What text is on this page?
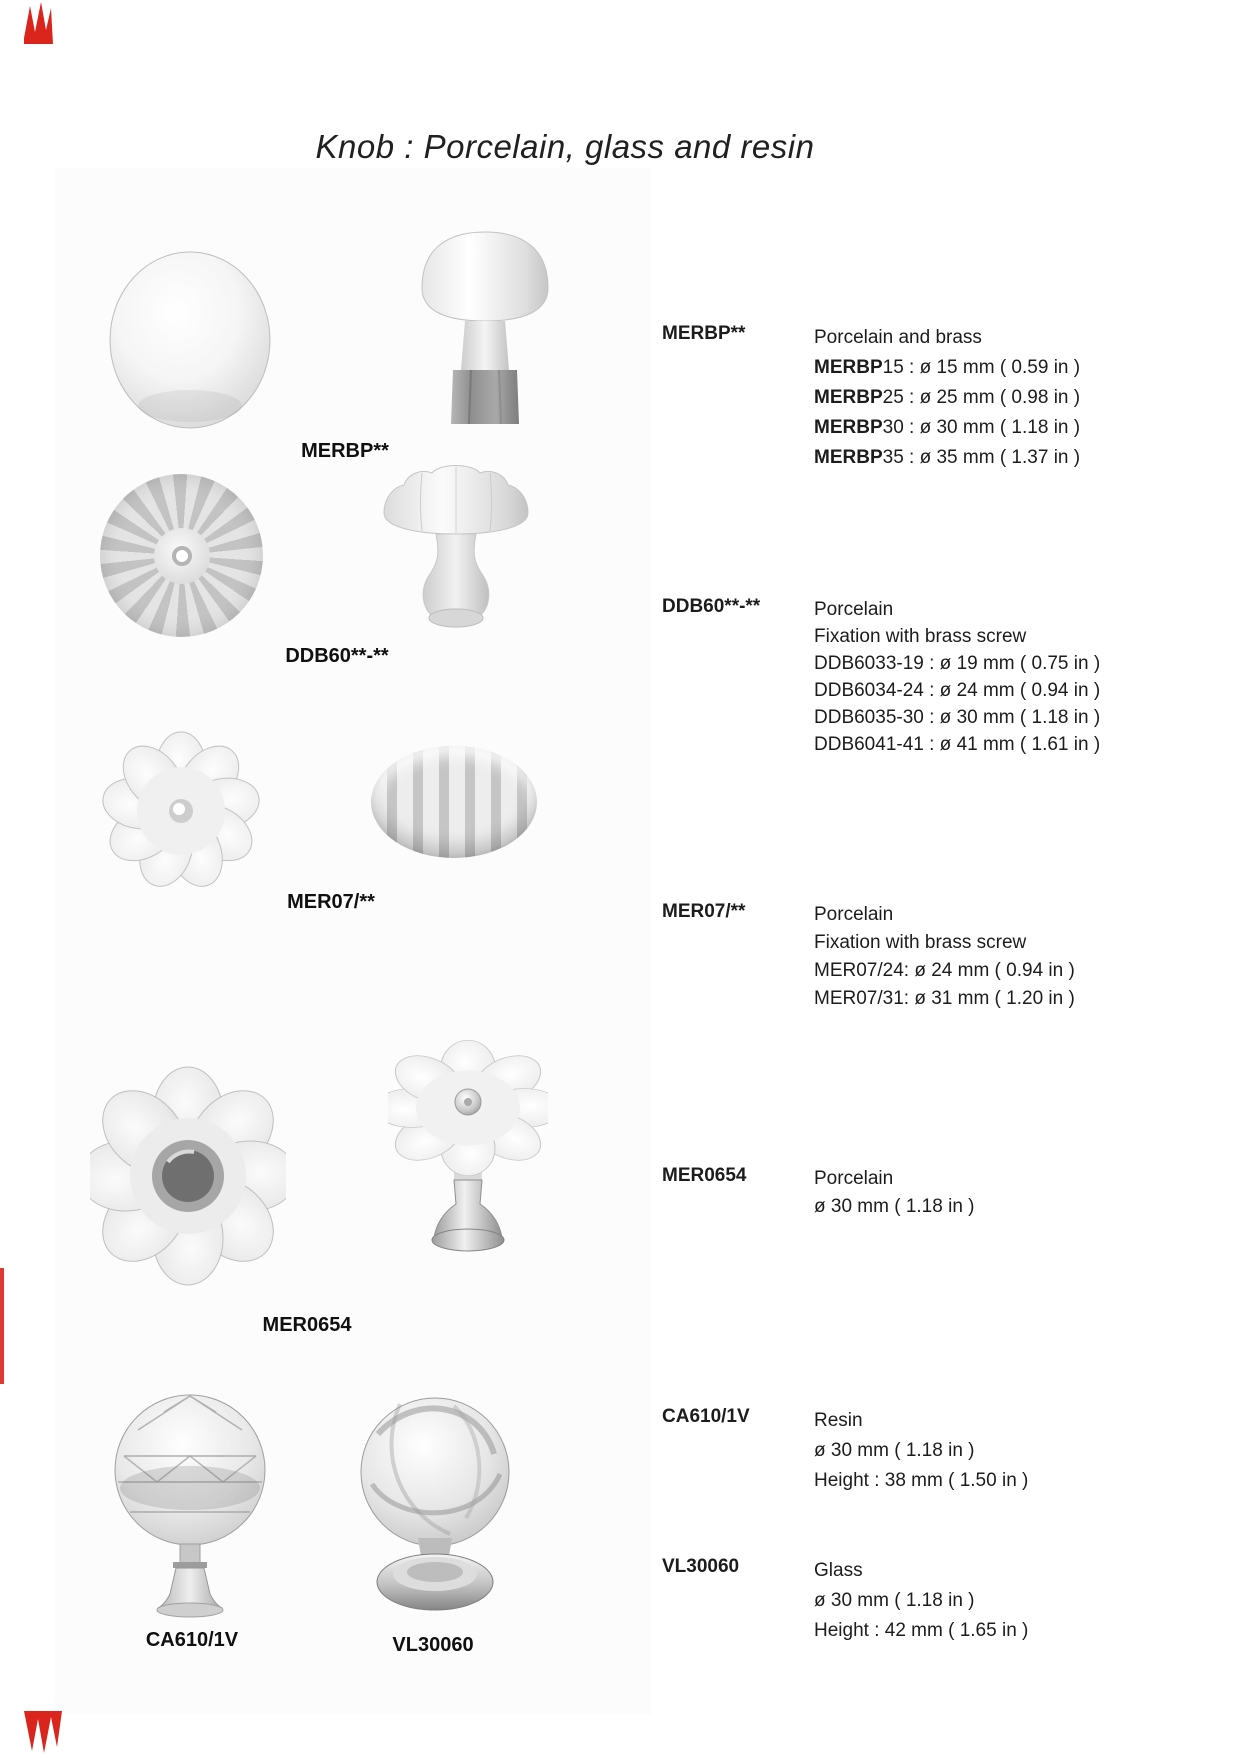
Knob : Porcelain, glass and resin
MERBP**
DDB60**-**
MER07/**
MER0654
CA610/1V	VL30060
MERBP**	Porcelain and brass
MERBP15 : ø 15 mm ( 0.59 in )
MERBP25 : ø 25 mm ( 0.98 in )
MERBP30 : ø 30 mm ( 1.18 in )
MERBP35 : ø 35 mm ( 1.37 in )
DDB60**-**	Porcelain
Fixation with brass screw
DDB6033-19 : ø 19 mm ( 0.75 in )
DDB6034-24 : ø 24 mm ( 0.94 in )
DDB6035-30 : ø 30 mm ( 1.18 in )
DDB6041-41 : ø 41 mm ( 1.61 in )
MER07/**	Porcelain
Fixation with brass screw
MER07/24: ø 24 mm ( 0.94 in )
MER07/31: ø 31 mm ( 1.20 in )
MER0654	Porcelain
ø 30 mm ( 1.18 in )
CA610/1V	Resin
ø 30 mm ( 1.18 in )
Height : 38 mm ( 1.50 in )
VL30060	Glass
ø 30 mm ( 1.18 in )
Height : 42 mm ( 1.65 in )
